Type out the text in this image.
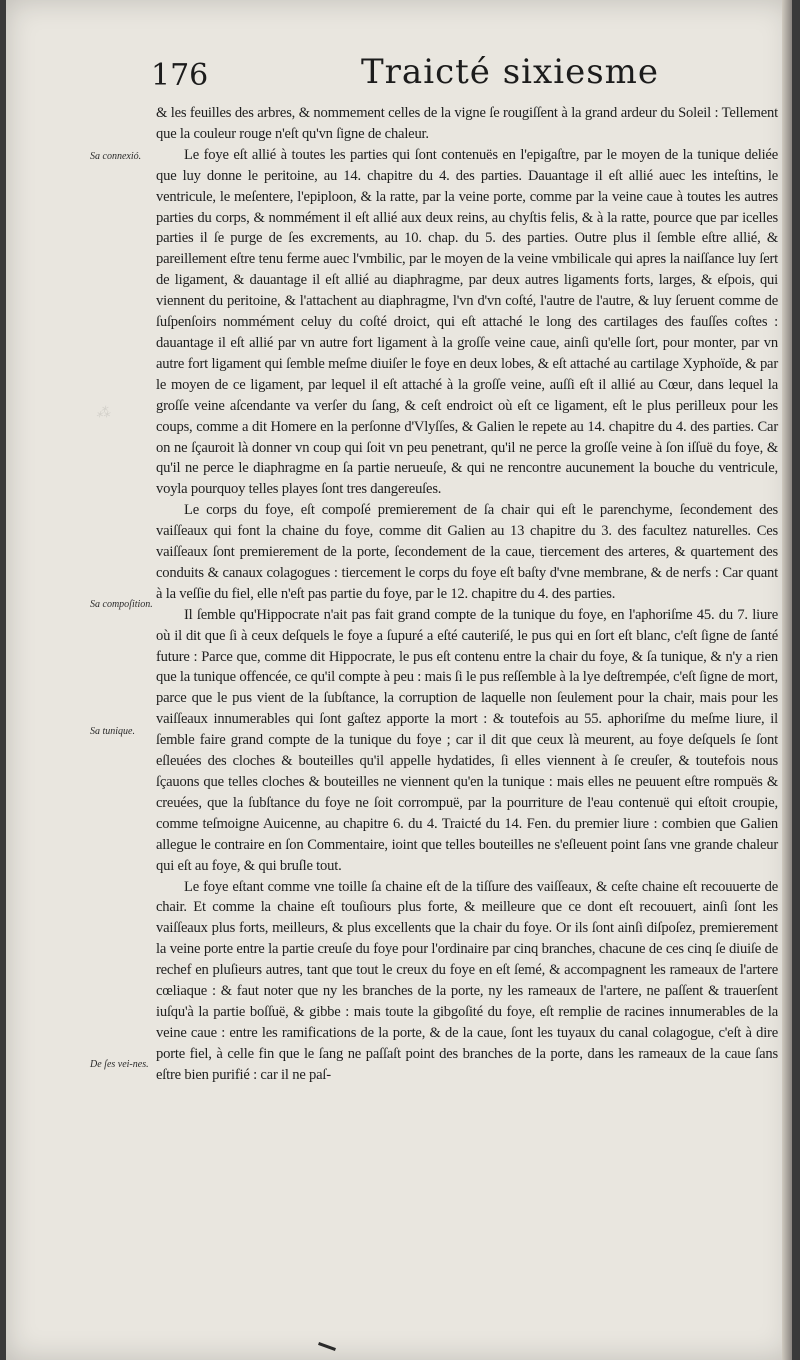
176	Traicté sixiesme
⁂
Sa connexió.
Sa compoſition.
Sa tunique.
De ſes vei-nes.

& les feuilles des arbres, & nommement celles de la vigne ſe rougiſſent à la grand ardeur du Soleil : Tellement que la couleur rouge n'eſt qu'vn ſigne de chaleur.

Le foye eſt allié à toutes les parties qui ſont contenuës en l'epigaſtre, par le moyen de la tunique deliée que luy donne le peritoine, au 14. chapitre du 4. des parties. Dauantage il eſt allié auec les inteſtins, le ventricule, le meſentere, l'epiploon, & la ratte, par la veine porte, comme par la veine caue à toutes les autres parties du corps, & nommément il eſt allié aux deux reins, au chyſtis felis, & à la ratte, pource que par icelles parties il ſe purge de ſes excrements, au 10. chap. du 5. des parties. Outre plus il ſemble eſtre allié, & pareillement eſtre tenu ferme auec l'vmbilic, par le moyen de la veine vmbilicale qui apres la naiſſance luy ſert de ligament, & dauantage il eſt allié au diaphragme, par deux autres ligaments forts, larges, & eſpois, qui viennent du peritoine, & l'attachent au diaphragme, l'vn d'vn coſté, l'autre de l'autre, & luy ſeruent comme de ſuſpenſoirs nommément celuy du coſté droict, qui eſt attaché le long des cartilages des fauſſes coſtes : dauantage il eſt allié par vn autre fort ligament à la groſſe veine caue, ainſi qu'elle ſort, pour monter, par vn autre fort ligament qui ſemble meſme diuiſer le foye en deux lobes, & eſt attaché au cartilage Xyphoïde, & par le moyen de ce ligament, par lequel il eſt attaché à la groſſe veine, auſſi eſt il allié au Cœur, dans lequel la groſſe veine aſcendante va verſer du ſang, & ceſt endroict où eſt ce ligament, eſt le plus perilleux pour les coups, comme a dit Homere en la perſonne d'Vlyſſes, & Galien le repete au 14. chapitre du 4. des parties. Car on ne ſçauroit là donner vn coup qui ſoit vn peu penetrant, qu'il ne perce la groſſe veine à ſon iſſuë du foye, & qu'il ne perce le diaphragme en ſa partie nerueuſe, & qui ne rencontre aucunement la bouche du ventricule, voyla pourquoy telles playes ſont tres dangereuſes.

Le corps du foye, eſt compoſé premierement de ſa chair qui eſt le parenchyme, ſecondement des vaiſſeaux qui font la chaine du foye, comme dit Galien au 13 chapitre du 3. des facultez naturelles. Ces vaiſſeaux ſont premierement de la porte, ſecondement de la caue, tiercement des arteres, & quartement des conduits & canaux colagogues : tiercement le corps du foye eſt baſty d'vne membrane, & de nerfs : Car quant à la veſſie du fiel, elle n'eſt pas partie du foye, par le 12. chapitre du 4. des parties.

Il ſemble qu'Hippocrate n'ait pas fait grand compte de la tunique du foye, en l'aphoriſme 45. du 7. liure où il dit que ſi à ceux deſquels le foye a ſupuré a eſté cauteriſé, le pus qui en ſort eſt blanc, c'eſt ſigne de ſanté future : Parce que, comme dit Hippocrate, le pus eſt contenu entre la chair du foye, & ſa tunique, & n'y a rien que la tunique offencée, ce qu'il compte à peu : mais ſi le pus reſſemble à la lye deſtrempée, c'eſt ſigne de mort, parce que le pus vient de la ſubſtance, la corruption de laquelle non ſeulement pour la chair, mais pour les vaiſſeaux innumerables qui ſont gaſtez apporte la mort : & toutefois au 55. aphoriſme du meſme liure, il ſemble faire grand compte de la tunique du foye ; car il dit que ceux là meurent, au foye deſquels ſe ſont eſleuées des cloches & bouteilles qu'il appelle hydatides, ſi elles viennent à ſe creuſer, & toutefois nous ſçauons que telles cloches & bouteilles ne viennent qu'en la tunique : mais elles ne peuuent eſtre rompuës & creuées, que la ſubſtance du foye ne ſoit corrompuë, par la pourriture de l'eau contenuë qui eſtoit croupie, comme teſmoigne Auicenne, au chapitre 6. du 4. Traicté du 14. Fen. du premier liure : combien que Galien allegue le contraire en ſon Commentaire, ioint que telles bouteilles ne s'eſleuent point ſans vne grande chaleur qui eſt au foye, & qui bruſle tout.

Le foye eſtant comme vne toille ſa chaine eſt de la tiſſure des vaiſſeaux, & ceſte chaine eſt recouuerte de chair. Et comme la chaine eſt touſiours plus forte, & meilleure que ce dont eſt recouuert, ainſi ſont les vaiſſeaux plus forts, meilleurs, & plus excellents que la chair du foye. Or ils ſont ainſi diſpoſez, premierement la veine porte entre la partie creuſe du foye pour l'ordinaire par cinq branches, chacune de ces cinq ſe diuiſe de rechef en pluſieurs autres, tant que tout le creux du foye en eſt ſemé, & accompagnent les rameaux de l'artere cœliaque : & faut noter que ny les branches de la porte, ny les rameaux de l'artere, ne paſſent & trauerſent iuſqu'à la partie boſſuë, & gibbe : mais toute la gibgoſité du foye, eſt remplie de racines innumerables de la veine caue : entre les ramifications de la porte, & de la caue, ſont les tuyaux du canal colagogue, c'eſt à dire porte fiel, à celle fin que le ſang ne paſſaſt point des branches de la porte, dans les rameaux de la caue ſans eſtre bien purifié : car il ne paſ-
